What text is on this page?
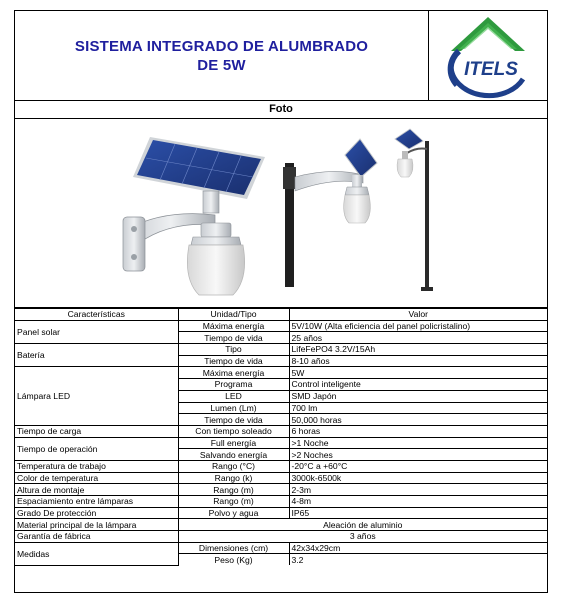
SISTEMA INTEGRADO DE ALUMBRADO
DE 5W	ITELS
Foto
Características	Unidad/Tipo	Valor
Panel solar	Máxima energía	5V/10W (Alta eficiencia del panel policristalino)
	Tiempo de vida	25 años
Batería	Tipo	LifeFePO4 3.2V/15Ah
	Tiempo de vida	8-10 años
Lámpara LED	Máxima energía	5W
	Programa	Control inteligente
	LED	SMD Japón
	Lumen (Lm)	700 lm
	Tiempo de vida	50,000 horas
Tiempo de carga	Con tiempo soleado	6 horas
Tiempo de operación	Full energía	>1 Noche
	Salvando energía	>2 Noches
Temperatura de trabajo	Rango (°C)	-20°C a +60°C
Color de temperatura	Rango (k)	3000k-6500k
Altura de montaje	Rango (m)	2-3m
Espaciamiento entre lámparas	Rango (m)	4-8m
Grado De protección	Polvo y agua	IP65
Material principal de la lámpara	Aleación de aluminio	
Garantía de fábrica	3 años	
Medidas	Dimensiones (cm)	42x34x29cm
	Peso (Kg)	3.2
